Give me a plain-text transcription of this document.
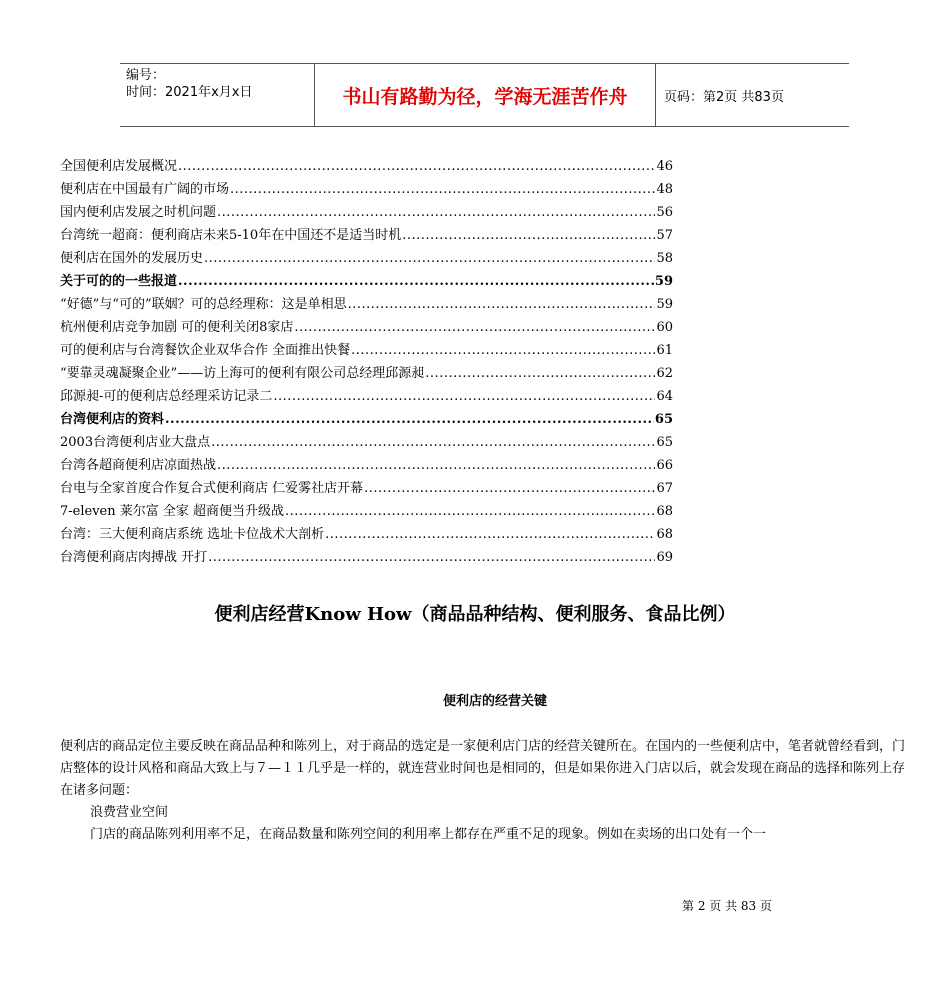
编号：
时间：2021年x月x日	书山有路勤为径，学海无涯苦作舟	页码：第2页 共83页
全国便利店发展概况 .....	46
便利店在中国最有广阔的市场 .....	48
国内便利店发展之时机问题 .....	56
台湾统一超商：便利商店未来5-10年在中国还不是适当时机 .....	57
便利店在国外的发展历史 .....	58
关于可的的一些报道 .....	59
“好德”与“可的”联姻？可的总经理称：这是单相思 .....	59
杭州便利店竞争加剧 可的便利关闭8家店 .....	60
可的便利店与台湾餐饮企业双华合作 全面推出快餐 .....	61
“要靠灵魂凝聚企业”——访上海可的便利有限公司总经理邱源昶 .....	62
邱源昶-可的便利店总经理采访记录二 .....	64
台湾便利店的资料 .....	65
2003台湾便利店业大盘点 .....	65
台湾各超商便利店凉面热战 .....	66
台电与全家首度合作复合式便利商店 仁爱雾社店开幕 .....	67
7-eleven 莱尔富 全家 超商便当升级战 .....	68
台湾：三大便利商店系统 选址卡位战术大剖析 .....	68
台湾便利商店肉搏战 开打 .....	69
便利店经营Know How（商品品种结构、便利服务、食品比例）
便利店的经营关键

便利店的商品定位主要反映在商品品种和陈列上，对于商品的选定是一家便利店门店的经营关键所在。在国内的一些便利店中，笔者就曾经看到，门店整体的设计风格和商品大致上与７—１１几乎是一样的，就连营业时间也是相同的，但是如果你进入门店以后，就会发现在商品的选择和陈列上存在诸多问题：

浪费营业空间

门店的商品陈列利用率不足，在商品数量和陈列空间的利用率上都存在严重不足的现象。例如在卖场的出口处有一个一

第 2 页 共 83 页
